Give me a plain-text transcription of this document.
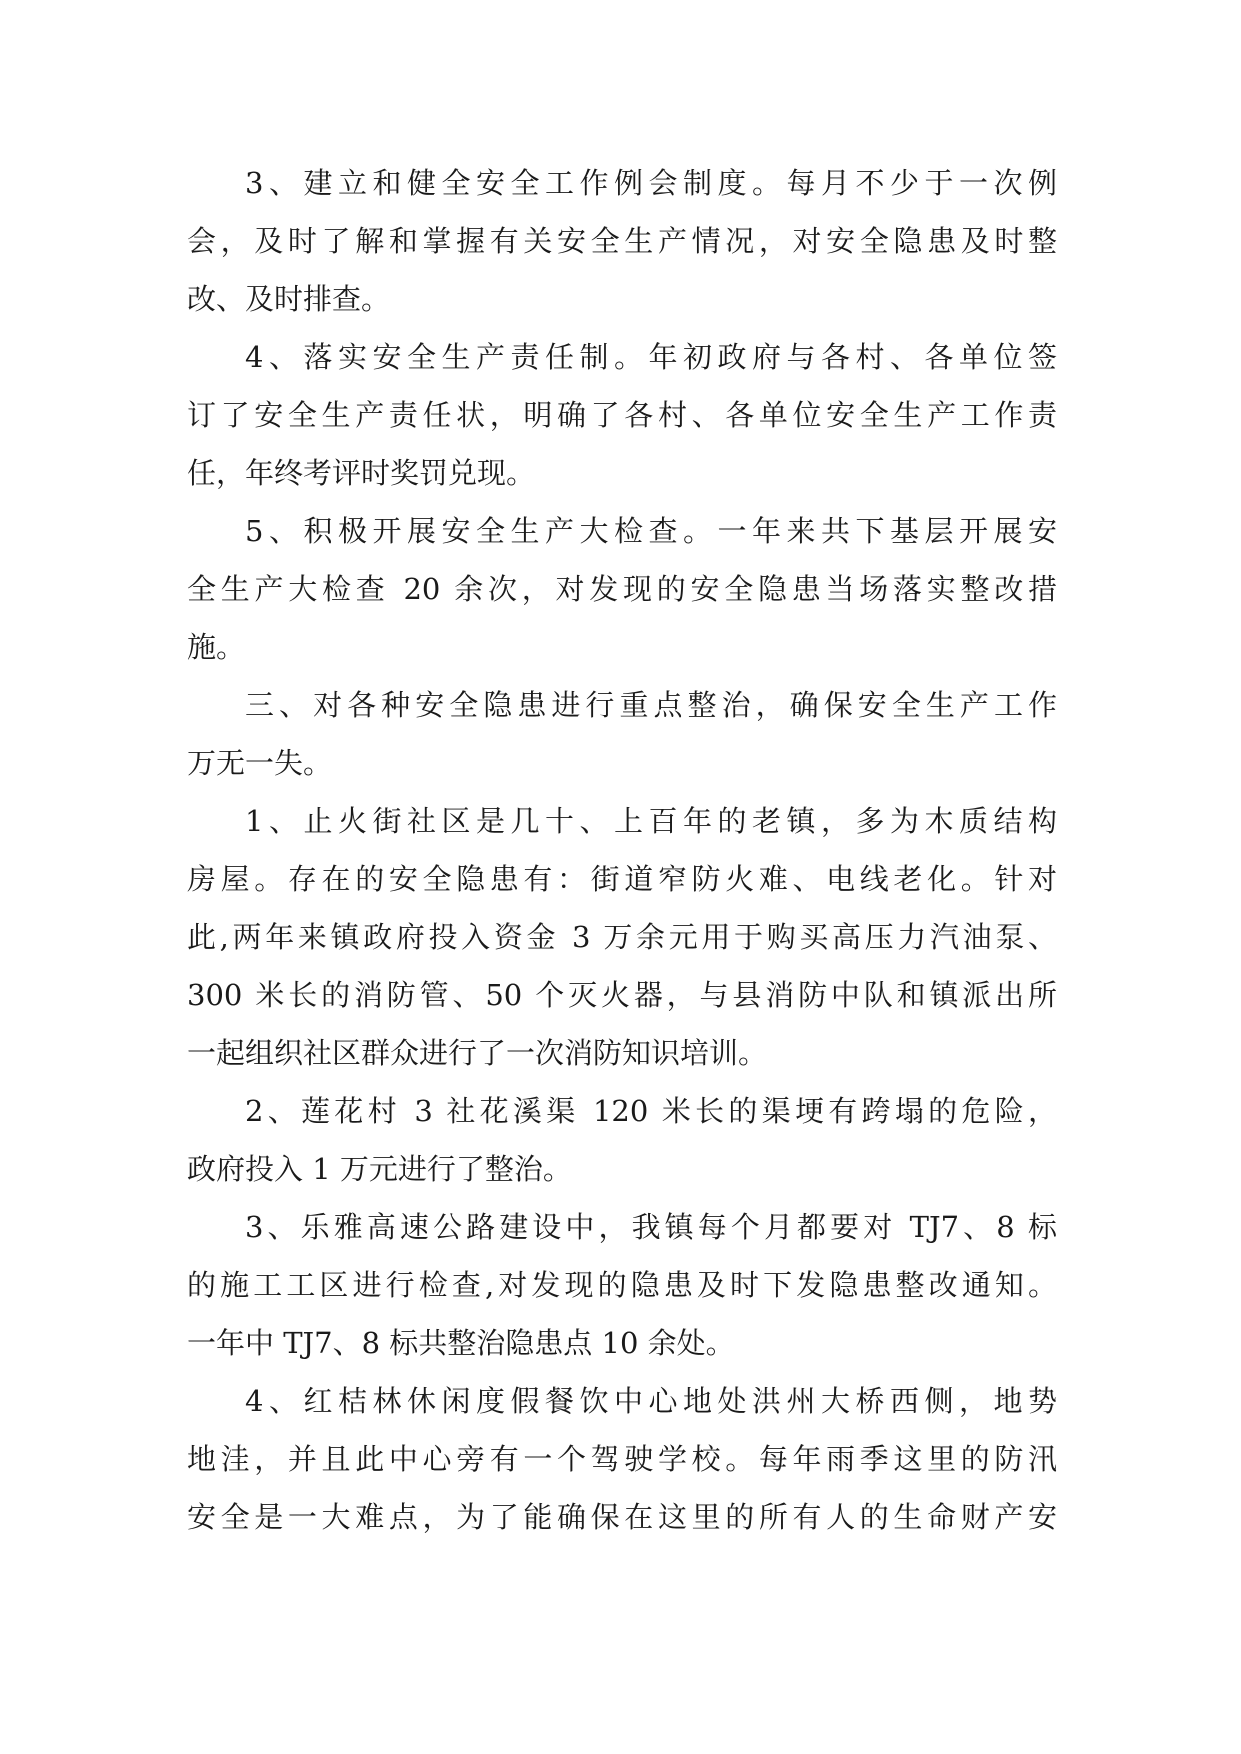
3、建立和健全安全工作例会制度。每月不少于一次例
会，及时了解和掌握有关安全生产情况，对安全隐患及时整
改、及时排查。
4、落实安全生产责任制。年初政府与各村、各单位签
订了安全生产责任状，明确了各村、各单位安全生产工作责
任，年终考评时奖罚兑现。
5、积极开展安全生产大检查。一年来共下基层开展安
全生产大检查 20 余次，对发现的安全隐患当场落实整改措
施。
三、对各种安全隐患进行重点整治，确保安全生产工作
万无一失。
1、止火街社区是几十、上百年的老镇，多为木质结构
房屋。存在的安全隐患有：街道窄防火难、电线老化。针对
此,两年来镇政府投入资金 3 万余元用于购买高压力汽油泵、
300 米长的消防管、50 个灭火器，与县消防中队和镇派出所
一起组织社区群众进行了一次消防知识培训。
2、莲花村 3 社花溪渠 120 米长的渠埂有跨塌的危险，
政府投入 1 万元进行了整治。
3、乐雅高速公路建设中，我镇每个月都要对 TJ7、8 标
的施工工区进行检查,对发现的隐患及时下发隐患整改通知。
一年中 TJ7、8 标共整治隐患点 10 余处。
4、红桔林休闲度假餐饮中心地处洪州大桥西侧，地势
地洼，并且此中心旁有一个驾驶学校。每年雨季这里的防汛
安全是一大难点，为了能确保在这里的所有人的生命财产安
